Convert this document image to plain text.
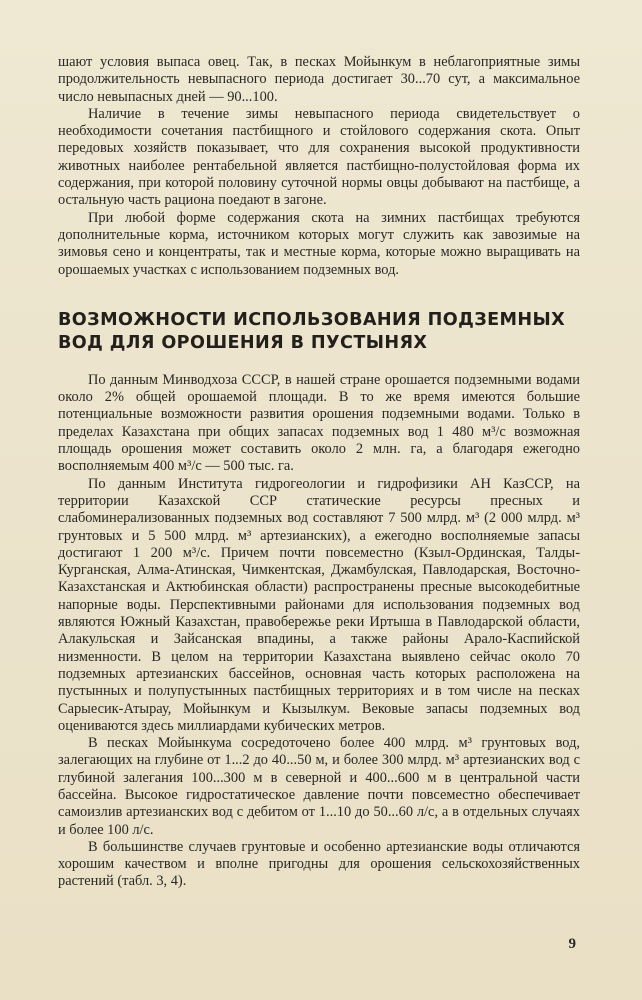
шают условия выпаса овец. Так, в песках Мойынкум в неблагоприятные зимы продолжительность невыпасного периода достигает 30...70 сут, а максимальное число невыпасных дней — 90...100.

Наличие в течение зимы невыпасного периода свидетельствует о необходимости сочетания пастбищного и стойлового содержания скота. Опыт передовых хозяйств показывает, что для сохранения высокой продуктивности животных наиболее рентабельной является пастбищно-полустойловая форма их содержания, при которой половину суточной нормы овцы добывают на пастбище, а остальную часть рациона поедают в загоне.

При любой форме содержания скота на зимних пастбищах требуются дополнительные корма, источником которых могут служить как завозимые на зимовья сено и концентраты, так и местные корма, которые можно выращивать на орошаемых участках с использованием подземных вод.

ВОЗМОЖНОСТИ ИСПОЛЬЗОВАНИЯ ПОДЗЕМНЫХ ВОД ДЛЯ ОРОШЕНИЯ В ПУСТЫНЯХ

По данным Минводхоза СССР, в нашей стране орошается подземными водами около 2% общей орошаемой площади. В то же время имеются большие потенциальные возможности развития орошения подземными водами. Только в пределах Казахстана при общих запасах подземных вод 1 480 м³/с возможная площадь орошения может составить около 2 млн. га, а благодаря ежегодно восполняемым 400 м³/с — 500 тыс. га.

По данным Института гидрогеологии и гидрофизики АН КазССР, на территории Казахской ССР статические ресурсы пресных и слабоминерализованных подземных вод составляют 7 500 млрд. м³ (2 000 млрд. м³ грунтовых и 5 500 млрд. м³ артезианских), а ежегодно восполняемые запасы достигают 1 200 м³/с. Причем почти повсеместно (Кзыл-Ординская, Талды-Курганская, Алма-Атинская, Чимкентская, Джамбулская, Павлодарская, Восточно-Казахстанская и Актюбинская области) распространены пресные высокодебитные напорные воды. Перспективными районами для использования подземных вод являются Южный Казахстан, правобережье реки Иртыша в Павлодарской области, Алакульская и Зайсанская впадины, а также районы Арало-Каспийской низменности. В целом на территории Казахстана выявлено сейчас около 70 подземных артезианских бассейнов, основная часть которых расположена на пустынных и полупустынных пастбищных территориях и в том числе на песках Сарыесик-Атырау, Мойынкум и Кызылкум. Вековые запасы подземных вод оцениваются здесь миллиардами кубических метров.

В песках Мойынкума сосредоточено более 400 млрд. м³ грунтовых вод, залегающих на глубине от 1...2 до 40...50 м, и более 300 млрд. м³ артезианских вод с глубиной залегания 100...300 м в северной и 400...600 м в центральной части бассейна. Высокое гидростатическое давление почти повсеместно обеспечивает самоизлив артезианских вод с дебитом от 1...10 до 50...60 л/с, а в отдельных случаях и более 100 л/с.

В большинстве случаев грунтовые и особенно артезианские воды отличаются хорошим качеством и вполне пригодны для орошения сельскохозяйственных растений (табл. 3, 4).

9
